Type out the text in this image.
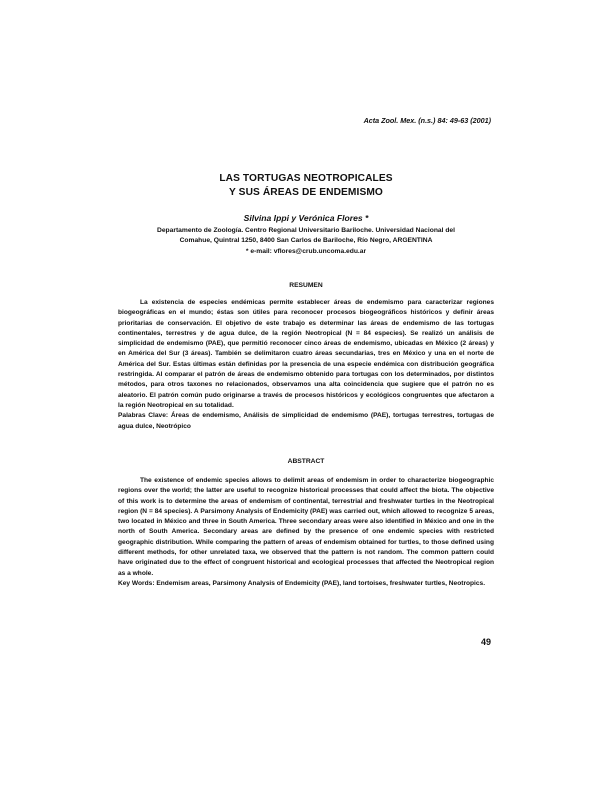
Acta Zool. Mex. (n.s.) 84: 49-63 (2001)
LAS TORTUGAS NEOTROPICALES
Y SUS ÁREAS DE ENDEMISMO
Silvina Ippi y Verónica Flores *
Departamento de Zoología. Centro Regional Universitario Bariloche. Universidad Nacional del
Comahue, Quintral 1250, 8400 San Carlos de Bariloche, Río Negro, ARGENTINA
* e-mail: vflores@crub.uncoma.edu.ar
RESUMEN

La existencia de especies endémicas permite establecer áreas de endemismo para caracterizar regiones biogeográficas en el mundo; éstas son útiles para reconocer procesos biogeográficos históricos y definir áreas prioritarias de conservación. El objetivo de este trabajo es determinar las áreas de endemismo de las tortugas continentales, terrestres y de agua dulce, de la región Neotropical (N = 84 especies). Se realizó un análisis de simplicidad de endemismo (PAE), que permitió reconocer cinco áreas de endemismo, ubicadas en México (2 áreas) y en América del Sur (3 áreas). También se delimitaron cuatro áreas secundarias, tres en México y una en el norte de América del Sur. Estas últimas están definidas por la presencia de una especie endémica con distribución geográfica restringida. Al comparar el patrón de áreas de endemismo obtenido para tortugas con los determinados, por distintos métodos, para otros taxones no relacionados, observamos una alta coincidencia que sugiere que el patrón no es aleatorio. El patrón común pudo originarse a través de procesos históricos y ecológicos congruentes que afectaron a la región Neotropical en su totalidad.

Palabras Clave: Áreas de endemismo, Análisis de simplicidad de endemismo (PAE), tortugas terrestres, tortugas de agua dulce, Neotrópico

ABSTRACT

The existence of endemic species allows to delimit areas of endemism in order to characterize biogeographic regions over the world; the latter are useful to recognize historical processes that could affect the biota. The objective of this work is to determine the areas of endemism of continental, terrestrial and freshwater turtles in the Neotropical region (N = 84 species). A Parsimony Analysis of Endemicity (PAE) was carried out, which allowed to recognize 5 areas, two located in México and three in South America. Three secondary areas were also identified in México and one in the north of South America. Secondary areas are defined by the presence of one endemic species with restricted geographic distribution. While comparing the pattern of areas of endemism obtained for turtles, to those defined using different methods, for other unrelated taxa, we observed that the pattern is not random. The common pattern could have originated due to the effect of congruent historical and ecological processes that affected the Neotropical region as a whole.

Key Words: Endemism areas, Parsimony Analysis of Endemicity (PAE), land tortoises, freshwater turtles, Neotropics.

49
